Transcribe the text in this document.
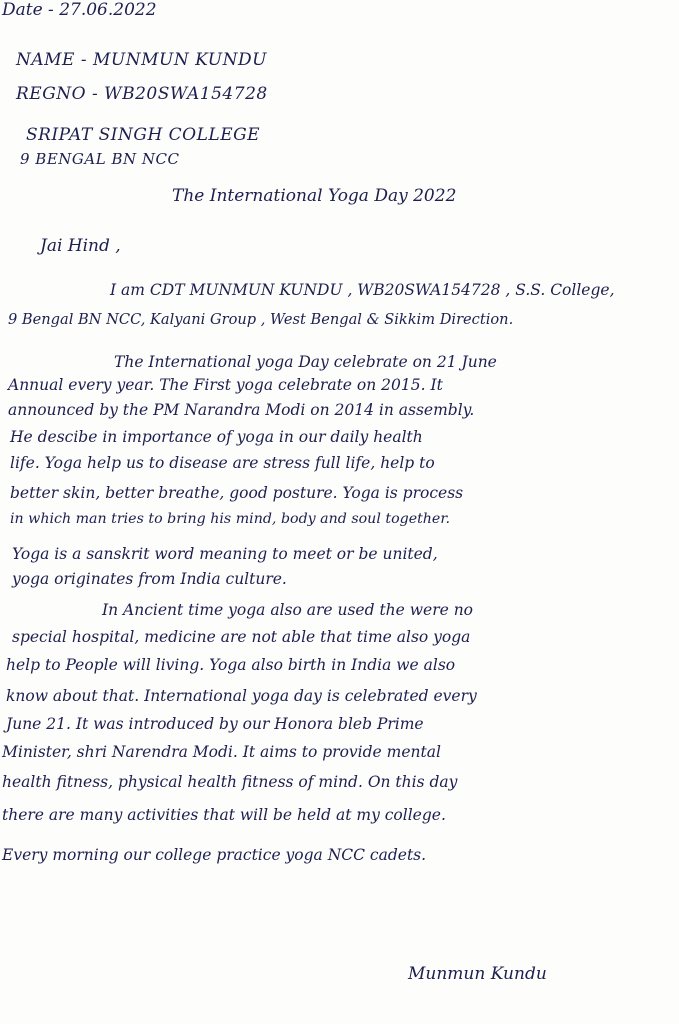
Date - 27.06.2022
NAME - MUNMUN KUNDU
REGNO - WB20SWA154728
SRIPAT SINGH COLLEGE
9 BENGAL BN NCC
The International Yoga Day 2022
Jai Hind ,
I am CDT MUNMUN KUNDU , WB20SWA154728 , S.S. College,
9 Bengal BN NCC, Kalyani Group , West Bengal & Sikkim Direction.
The International yoga Day celebrate on 21 June
Annual every year. The First yoga celebrate on 2015. It
announced by the PM Narandra Modi on 2014 in assembly.
He descibe in importance of yoga in our daily health
life. Yoga help us to disease are stress full life, help to
better skin, better breathe, good posture. Yoga is process
in which man tries to bring his mind, body and soul together.
Yoga is a sanskrit word meaning to meet or be united,
yoga originates from India culture.
In Ancient time yoga also are used the were no
special hospital, medicine are not able that time also yoga
help to People will living. Yoga also birth in India we also
know about that. International yoga day is celebrated every
June 21. It was introduced by our Honora bleb Prime
Minister, shri Narendra Modi. It aims to provide mental
health fitness, physical health fitness of mind. On this day
there are many activities that will be held at my college.
Every morning our college practice yoga NCC cadets.
Munmun Kundu
